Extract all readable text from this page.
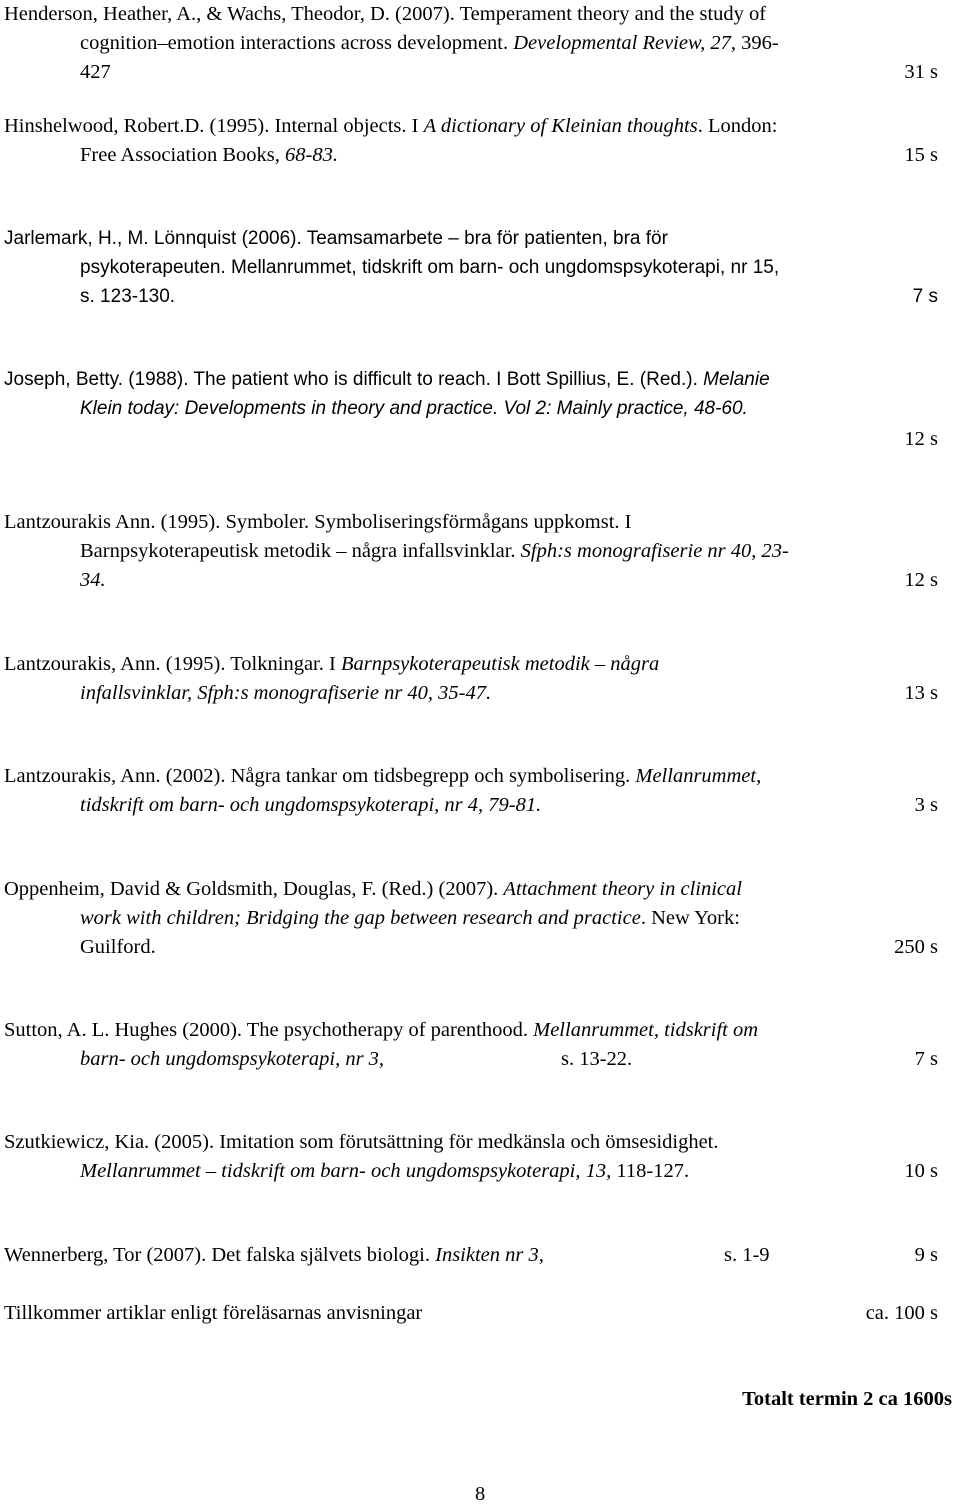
Henderson, Heather, A., & Wachs, Theodor, D. (2007). Temperament theory and the study of
cognition–emotion interactions across development. Developmental Review, 27, 396-
427	31 s
Hinshelwood, Robert.D. (1995). Internal objects. I A dictionary of Kleinian thoughts. London:
Free Association Books, 68-83.	15 s
Jarlemark, H., M. Lönnquist (2006). Teamsamarbete – bra för patienten, bra för
psykoterapeuten. Mellanrummet, tidskrift om barn- och ungdomspsykoterapi, nr 15,
s. 123-130.	7 s
Joseph, Betty. (1988). The patient who is difficult to reach. I Bott Spillius, E. (Red.). Melanie
Klein today: Developments in theory and practice. Vol 2: Mainly practice, 48-60.
12 s
Lantzourakis Ann. (1995). Symboler. Symboliseringsförmågans uppkomst. I
Barnpsykoterapeutisk metodik – några infallsvinklar. Sfph:s monografiserie nr 40, 23-
34.	12 s
Lantzourakis, Ann. (1995). Tolkningar. I Barnpsykoterapeutisk metodik – några
infallsvinklar, Sfph:s monografiserie nr 40, 35-47.	13 s
Lantzourakis, Ann. (2002). Några tankar om tidsbegrepp och symbolisering. Mellanrummet,
tidskrift om barn- och ungdomspsykoterapi, nr 4, 79-81.	3 s
Oppenheim, David & Goldsmith, Douglas, F. (Red.) (2007). Attachment theory in clinical
work with children; Bridging the gap between research and practice. New York:
Guilford.	250 s
Sutton, A. L. Hughes (2000). The psychotherapy of parenthood. Mellanrummet, tidskrift om
barn- och ungdomspsykoterapi, nr 3,	s. 13-22.	7 s
Szutkiewicz, Kia. (2005). Imitation som förutsättning för medkänsla och ömsesidighet.
Mellanrummet – tidskrift om barn- och ungdomspsykoterapi, 13, 118-127.	10 s
Wennerberg, Tor (2007). Det falska självets biologi. Insikten nr 3,	s. 1-9	9 s
Tillkommer artiklar enligt föreläsarnas anvisningar	ca. 100 s
Totalt termin 2 ca 1600s
8
